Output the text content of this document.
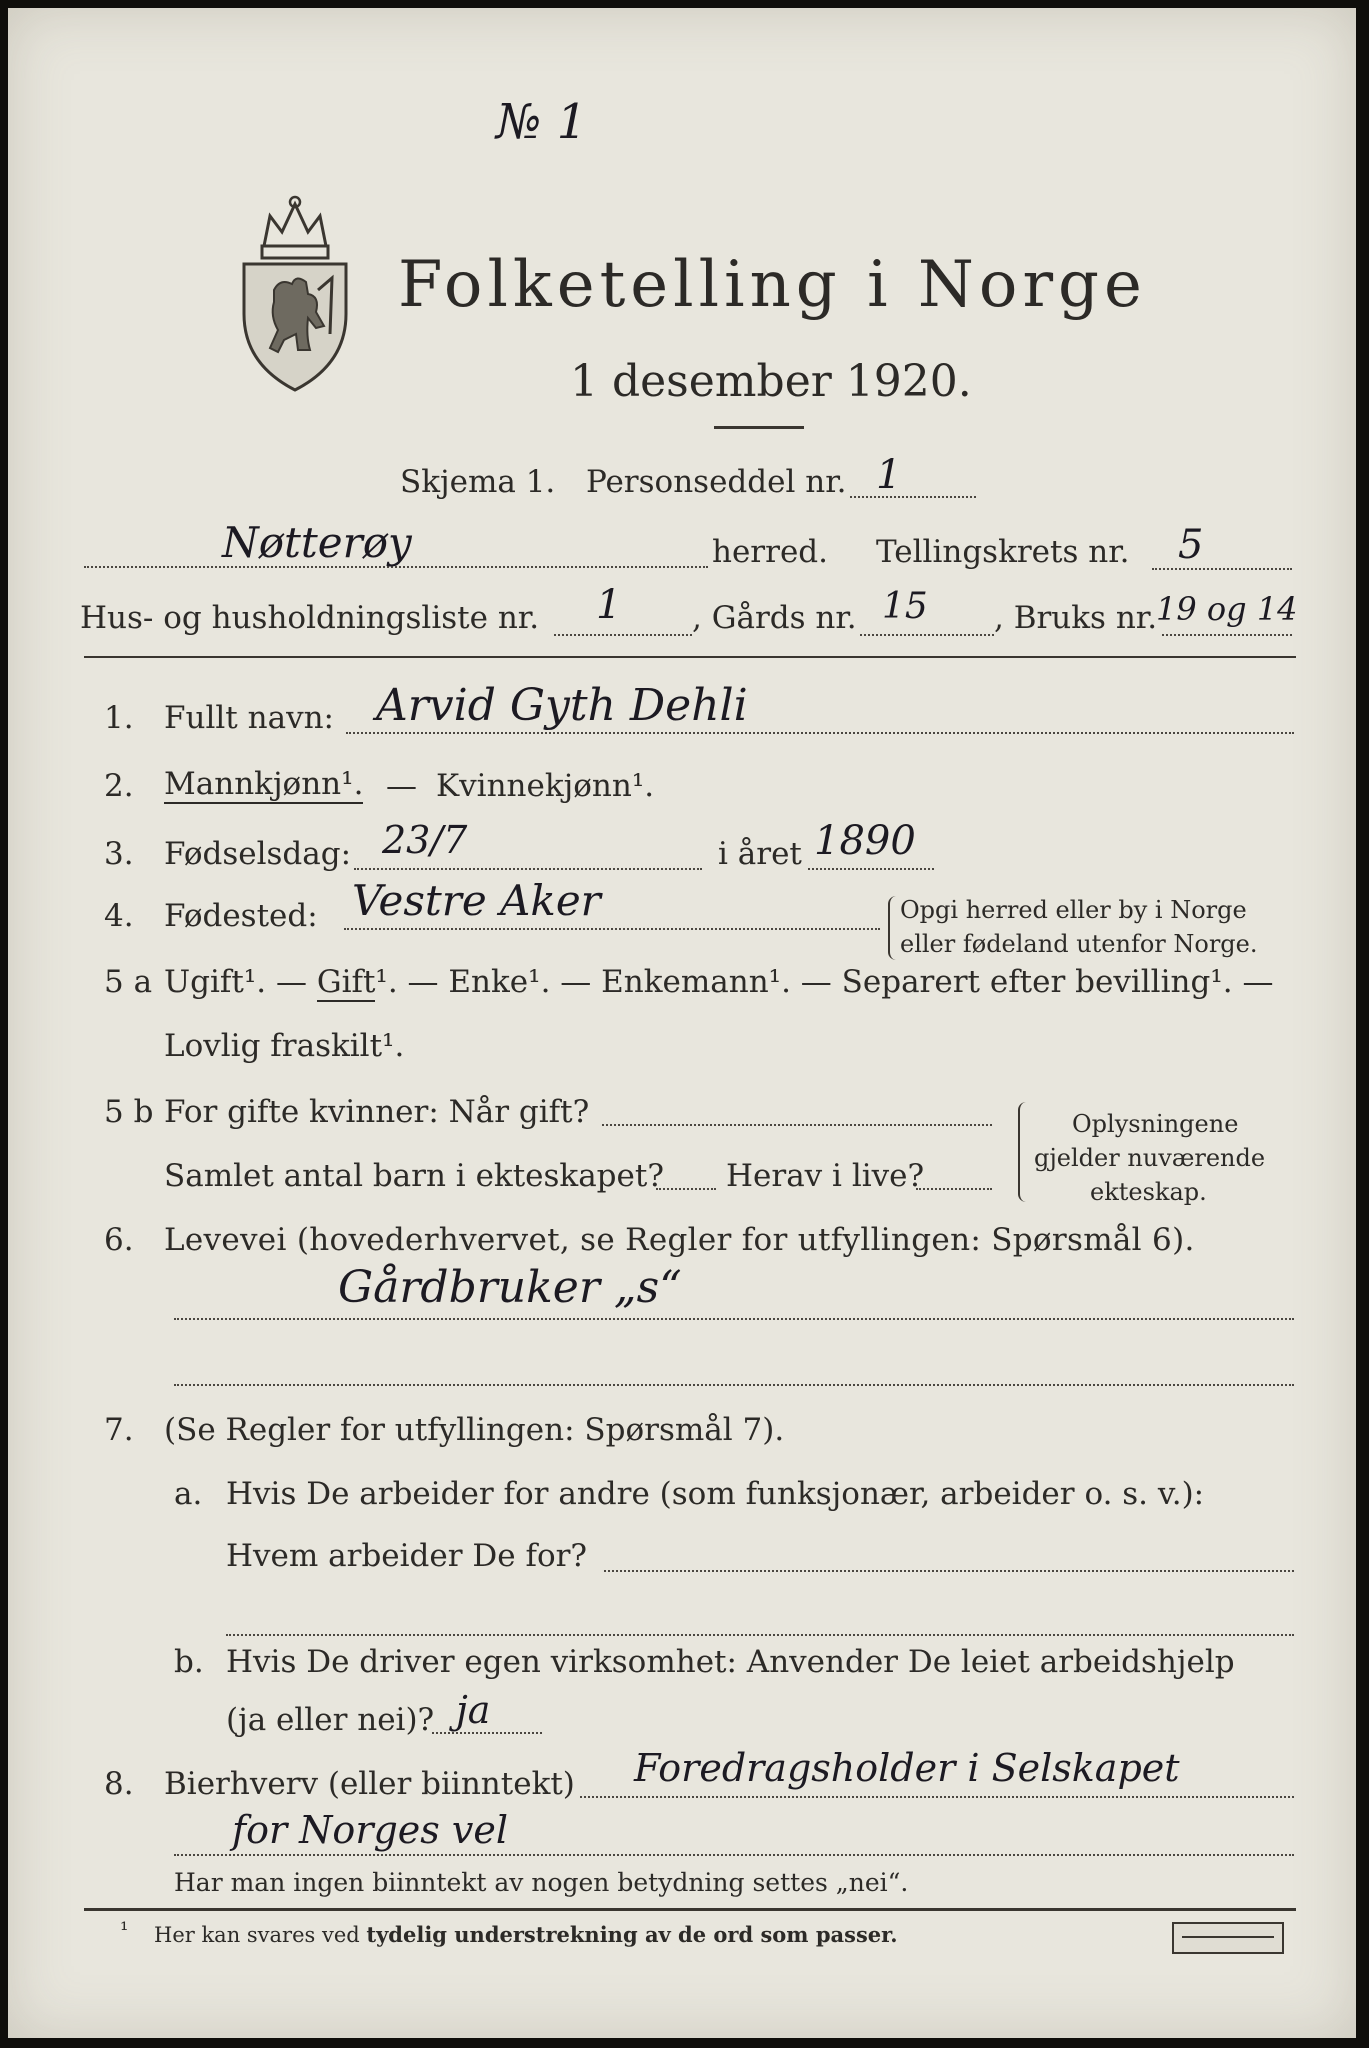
№ 1
Folketelling i Norge
1 desember 1920.
Skjema 1. Personseddel nr. 1
Nøtterøy	herred. Tellingskrets nr. 5
Hus- og husholdningsliste nr. 1 , Gårds nr. 15 , Bruks nr.
19 og 14
1. Fullt navn: Arvid Gyth Dehli
2. Mannkjønn¹. — Kvinnekjønn¹.
3. Fødselsdag: 23/7	i året 1890
4. Fødested: Vestre Aker	Opgi herred eller by i Norge
eller fødeland utenfor Norge.
5 a Ugift¹. — Gift¹. — Enke¹. — Enkemann¹. — Separert efter bevilling¹. —
Lovlig fraskilt¹.
5 b For gifte kvinner: Når gift?
Samlet antal barn i ekteskapet? Herav i live?
Oplysningene
gjelder nuværende
ekteskap.
6. Levevei (hovederhvervet, se Regler for utfyllingen: Spørsmål 6).
Gårdbruker „s“
7. (Se Regler for utfyllingen: Spørsmål 7).
a. Hvis De arbeider for andre (som funksjonær, arbeider o. s. v.):
Hvem arbeider De for?
b. Hvis De driver egen virksomhet: Anvender De leiet arbeidshjelp
(ja eller nei)? ja
8. Bierhverv (eller biinntekt) Foredragsholder i Selskapet
for Norges vel
Har man ingen biinntekt av nogen betydning settes „nei“.
¹ Her kan svares ved tydelig understrekning av de ord som passer.
